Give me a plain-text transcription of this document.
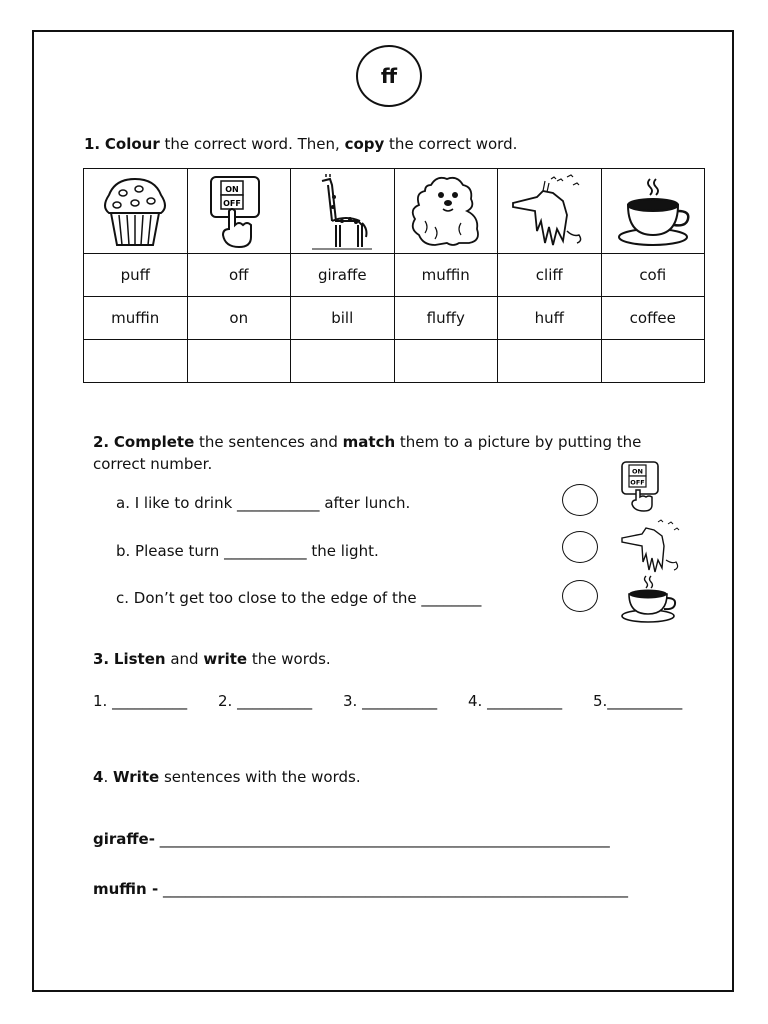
ff
1. Colour the correct word. Then, copy the correct word.

ON
OFF

puff	off	giraffe	muffin	cliff	cofi
muffin	on	bill	fluffy	huff	coffee

2. Complete the sentences and match them to a picture by putting the
correct number.
a. I like to drink ___________ after lunch.
b. Please turn ___________ the light.
c. Don’t get too close to the edge of the ________
ON
OFF
3. Listen and write the words.
1. __________ 2. __________ 3. __________ 4. __________ 5.__________
4. Write sentences with the words.
giraffe- ____________________________________________________________
muffin - ______________________________________________________________
